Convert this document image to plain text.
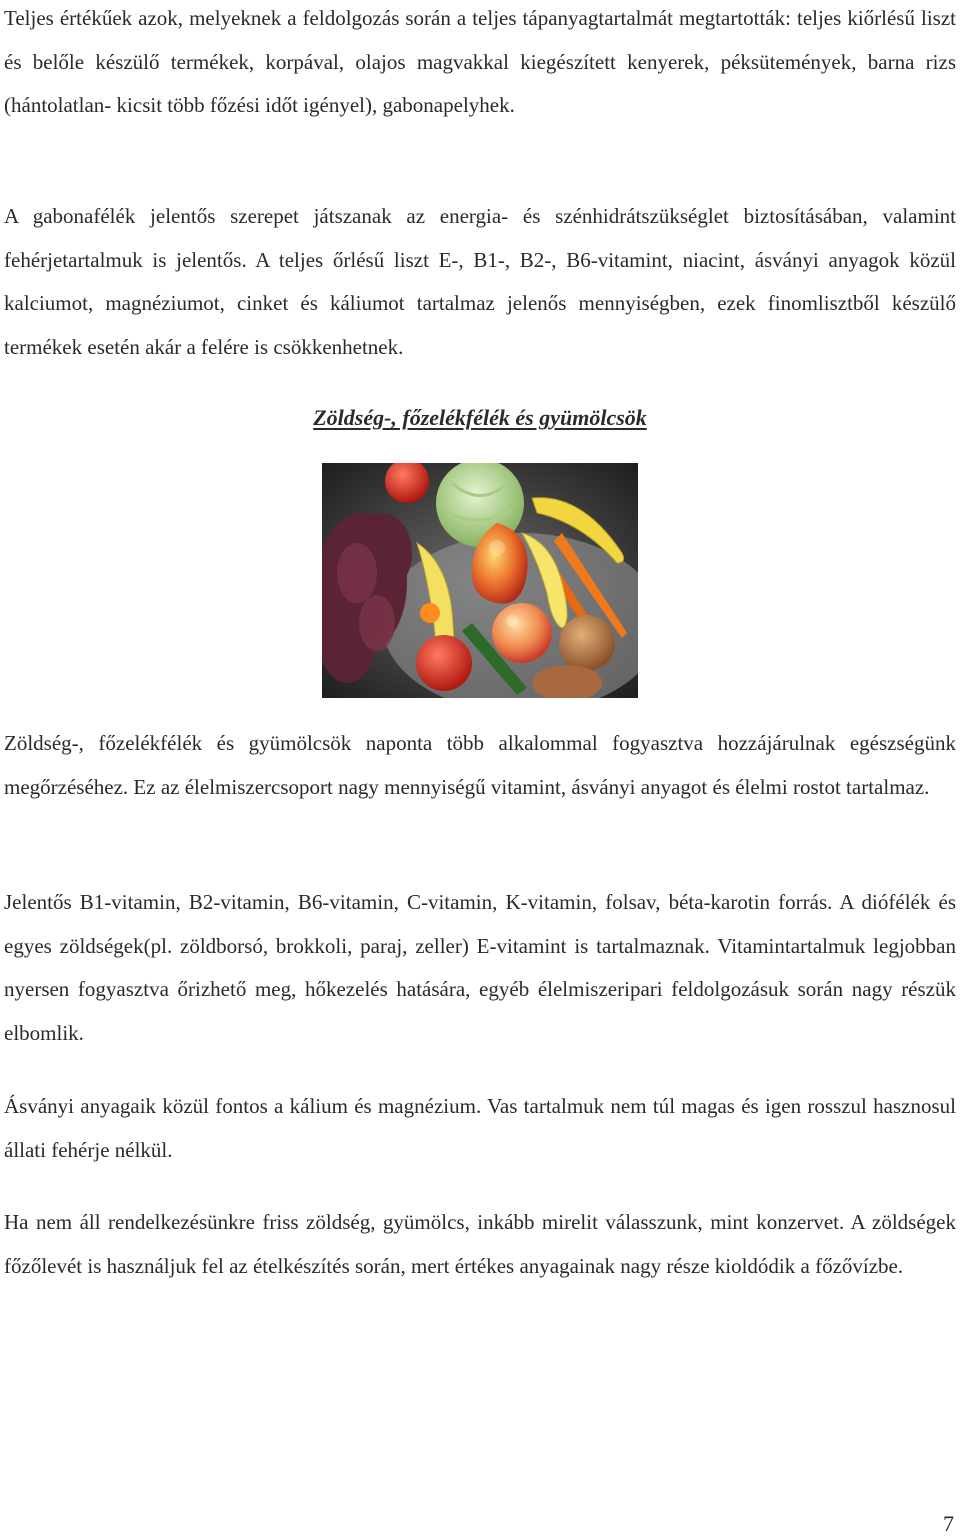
Teljes értékűek azok, melyeknek a feldolgozás során a teljes tápanyagtartalmát megtartották: teljes kiőrlésű liszt és belőle készülő termékek, korpával, olajos magvakkal kiegészített kenyerek, péksütemények, barna rizs (hántolatlan- kicsit több főzési időt igényel), gabonapelyhek.

A gabonafélék jelentős szerepet játszanak az energia- és szénhidrátszükséglet biztosításában, valamint fehérjetartalmuk is jelentős. A teljes őrlésű liszt E-, B1-, B2-, B6-vitamint, niacint, ásványi anyagok közül kalciumot, magnéziumot, cinket és káliumot tartalmaz jelenős mennyiségben, ezek finomlisztből készülő termékek esetén akár a felére is csökkenhetnek.

Zöldség-, főzelékfélék és gyümölcsök

Zöldség-, főzelékfélék és gyümölcsök naponta több alkalommal fogyasztva hozzájárulnak egészségünk megőrzéséhez. Ez az élelmiszercsoport nagy mennyiségű vitamint, ásványi anyagot és élelmi rostot tartalmaz.

Jelentős B1-vitamin, B2-vitamin, B6-vitamin, C-vitamin, K-vitamin, folsav, béta-karotin forrás. A diófélék és egyes zöldségek(pl. zöldborsó, brokkoli, paraj, zeller) E-vitamint is tartalmaznak. Vitamintartalmuk legjobban nyersen fogyasztva őrizhető meg, hőkezelés hatására, egyéb élelmiszeripari feldolgozásuk során nagy részük elbomlik.

Ásványi anyagaik közül fontos a kálium és magnézium. Vas tartalmuk nem túl magas és igen rosszul hasznosul állati fehérje nélkül.

Ha nem áll rendelkezésünkre friss zöldség, gyümölcs, inkább mirelit válasszunk, mint konzervet. A zöldségek főzőlevét is használjuk fel az ételkészítés során, mert értékes anyagainak nagy része kioldódik a főzővízbe.

7
